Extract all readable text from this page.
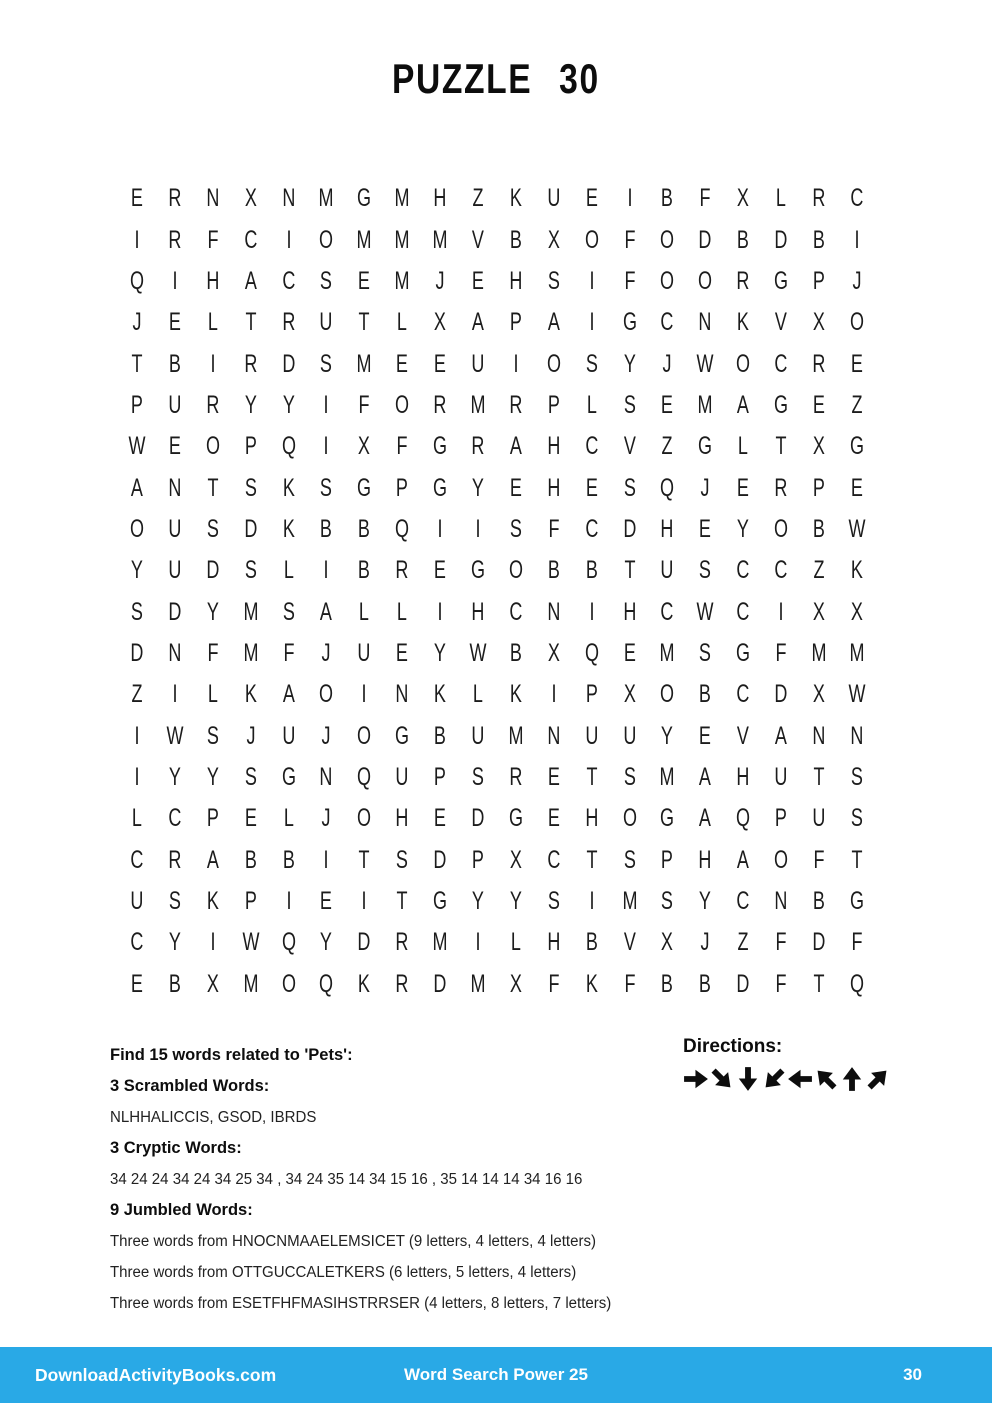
PUZZLE 30
E	R N	X	N M G M H	Z	K	U	E	I	B	F	X	L	R C
I	R	F	C	I	O M M M V	B	X O	F	O D	B	D	B	I
Q	I	H	A	C	S	E M	J	E	H	S	I	F	O O R G P	J
J	E	L	T	R U	T	L	X	A	P	A	I	G C N	K	V	X O
T	B	I	R D	S M E	E	U	I	O S	Y	J W O C R	E
P	U R	Y	Y	I	F	O R M R	P	L	S	E M A G E	Z
W E O P Q	I	X	F	G R	A	H C	V	Z	G	L	T	X G
A	N	T	S	K	S G P G Y	E	H	E	S Q	J	E	R	P	E
O U	S	D	K	B	B Q	I	I	S	F	C D H	E	Y O B W
Y	U D	S	L	I	B	R	E G O B	B	T	U	S	C C	Z	K
S	D	Y M S	A	L	L	I	H C N	I	H C W C	I	X	X
D N	F M F	J	U	E	Y W B	X Q E M S G	F M M
Z	I	L	K	A O	I	N	K	L	K	I	P	X O B	C D	X W
I	W S	J	U	J	O G B	U M N U U	Y	E	V	A	N N
I	Y	Y	S G N Q U	P	S	R	E	T	S M A	H U	T	S
L	C	P	E	L	J	O H	E	D G E	H O G A Q P	U	S
C R	A	B	B	I	T	S	D	P	X	C	T	S	P	H	A O	F	T
U	S	K	P	I	E	I	T	G Y	Y	S	I	M S	Y	C N	B G
C	Y	I	W Q Y	D R M	I	L	H	B	V	X	J	Z	F	D	F
E	B	X M O Q K	R D M X	F	K	F	B	B	D	F	T	Q
Find 15 words related to 'Pets':
3 Scrambled Words:
NLHHALICCIS, GSOD, IBRDS
3 Cryptic Words:
34 24 24 34 24 34 25 34 , 34 24 35 14 34 15 16 , 35 14 14 14 34 16 16
9 Jumbled Words:
Three words from HNOCNMAAELEMSICET (9 letters, 4 letters, 4 letters)
Three words from OTTGUCCALETKERS (6 letters, 5 letters, 4 letters)
Three words from ESETFHFMASIHSTRRSER (4 letters, 8 letters, 7 letters)
Directions:
Word Search Power 25
DownloadActivityBooks.com	30
